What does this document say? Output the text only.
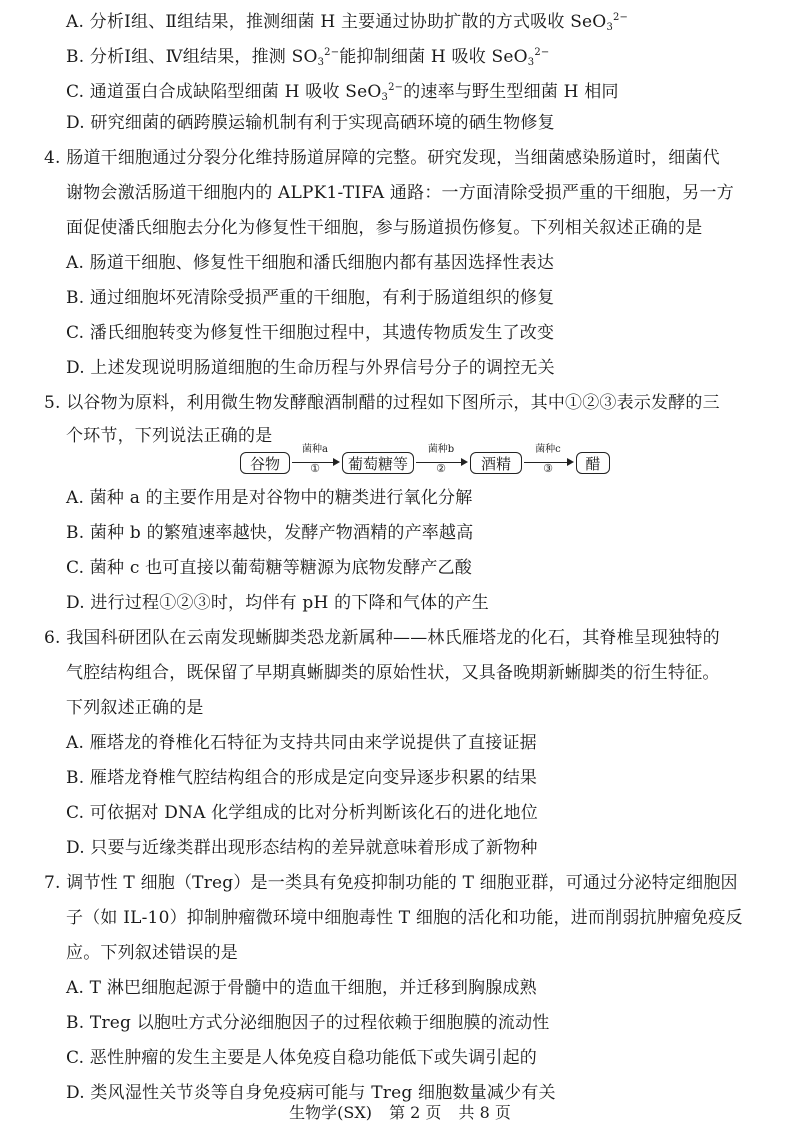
A. 分析Ⅰ组、Ⅱ组结果，推测细菌 H 主要通过协助扩散的方式吸收 SeO$_3^{2-}$
B. 分析Ⅰ组、Ⅳ组结果，推测 $SO_3^{2-}$能抑制细菌 H 吸收 SeO$_3^{2-}$
C. 通道蛋白合成缺陷型细菌 H 吸收 SeO$_3^{2-}$的速率与野生型细菌 H 相同
D. 研究细菌的硒跨膜运输机制有利于实现高硒环境的硒生物修复
4. 肠道干细胞通过分裂分化维持肠道屏障的完整。研究发现，当细菌感染肠道时，细菌代
谢物会激活肠道干细胞内的 ALPK1-TIFA 通路：一方面清除受损严重的干细胞，另一方
面促使潘氏细胞去分化为修复性干细胞，参与肠道损伤修复。下列相关叙述正确的是
A. 肠道干细胞、修复性干细胞和潘氏细胞内都有基因选择性表达
B. 通过细胞坏死清除受损严重的干细胞，有利于肠道组织的修复
C. 潘氏细胞转变为修复性干细胞过程中，其遗传物质发生了改变
D. 上述发现说明肠道细胞的生命历程与外界信号分子的调控无关
5. 以谷物为原料，利用微生物发酵酿酒制醋的过程如下图所示，其中①②③表示发酵的三
个环节，下列说法正确的是
谷物
菌种a
①	葡萄糖等
菌种b
②	酒精
菌种c
③	醋
A. 菌种 a 的主要作用是对谷物中的糖类进行氧化分解
B. 菌种 b 的繁殖速率越快，发酵产物酒精的产率越高
C. 菌种 c 也可直接以葡萄糖等糖源为底物发酵产乙酸
D. 进行过程①②③时，均伴有 pH 的下降和气体的产生
6. 我国科研团队在云南发现蜥脚类恐龙新属种——林氏雁塔龙的化石，其脊椎呈现独特的
气腔结构组合，既保留了早期真蜥脚类的原始性状，又具备晚期新蜥脚类的衍生特征。
下列叙述正确的是
A. 雁塔龙的脊椎化石特征为支持共同由来学说提供了直接证据
B. 雁塔龙脊椎气腔结构组合的形成是定向变异逐步积累的结果
C. 可依据对 DNA 化学组成的比对分析判断该化石的进化地位
D. 只要与近缘类群出现形态结构的差异就意味着形成了新物种
7. 调节性 T 细胞（Treg）是一类具有免疫抑制功能的 T 细胞亚群，可通过分泌特定细胞因
子（如 IL-10）抑制肿瘤微环境中细胞毒性 T 细胞的活化和功能，进而削弱抗肿瘤免疫反
应。下列叙述错误的是
A. T 淋巴细胞起源于骨髓中的造血干细胞，并迁移到胸腺成熟
B. Treg 以胞吐方式分泌细胞因子的过程依赖于细胞膜的流动性
C. 恶性肿瘤的发生主要是人体免疫自稳功能低下或失调引起的
D. 类风湿性关节炎等自身免疫病可能与 Treg 细胞数量减少有关
生物学(SX) 第 2 页 共 8 页
